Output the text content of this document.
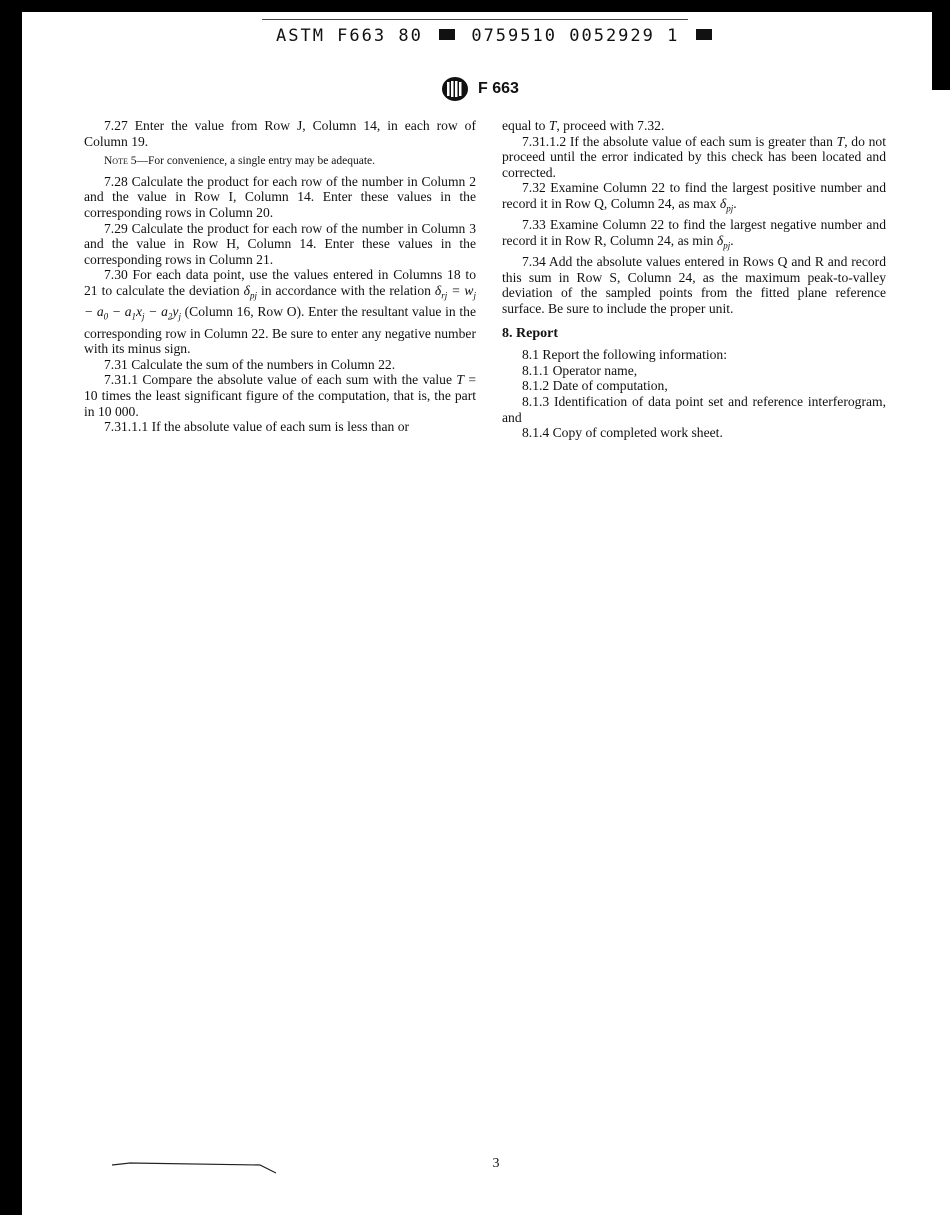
ASTM F663 80	0759510 0052929 1
F 663

7.27 Enter the value from Row J, Column 14, in each row of Column 19.

Note 5—For convenience, a single entry may be adequate.

7.28 Calculate the product for each row of the number in Column 2 and the value in Row I, Column 14. Enter these values in the corresponding rows in Column 20.

7.29 Calculate the product for each row of the number in Column 3 and the value in Row H, Column 14. Enter these values in the corresponding rows in Column 21.

7.30 For each data point, use the values entered in Columns 18 to 21 to calculate the deviation $\delta_{pj}$ in accordance with the relation $\delta_{rj} = w_j - a_0 - a_1x_j - a_2y_j$ (Column 16, Row O). Enter the resultant value in the corresponding row in Column 22. Be sure to enter any negative number with its minus sign.

7.31 Calculate the sum of the numbers in Column 22.

7.31.1 Compare the absolute value of each sum with the value T = 10 times the least significant figure of the computation, that is, the part in 10 000.

7.31.1.1 If the absolute value of each sum is less than or

equal to T, proceed with 7.32.

7.31.1.2 If the absolute value of each sum is greater than T, do not proceed until the error indicated by this check has been located and corrected.

7.32 Examine Column 22 to find the largest positive number and record it in Row Q, Column 24, as $\max \delta_{pj}$.

7.33 Examine Column 22 to find the largest negative number and record it in Row R, Column 24, as $\min \delta_{pj}$.

7.34 Add the absolute values entered in Rows Q and R and record this sum in Row S, Column 24, as the maximum peak-to-valley deviation of the sampled points from the fitted plane reference surface. Be sure to include the proper unit.

8. Report

8.1 Report the following information:

8.1.1 Operator name,

8.1.2 Date of computation,

8.1.3 Identification of data point set and reference interferogram, and

8.1.4 Copy of completed work sheet.

3
